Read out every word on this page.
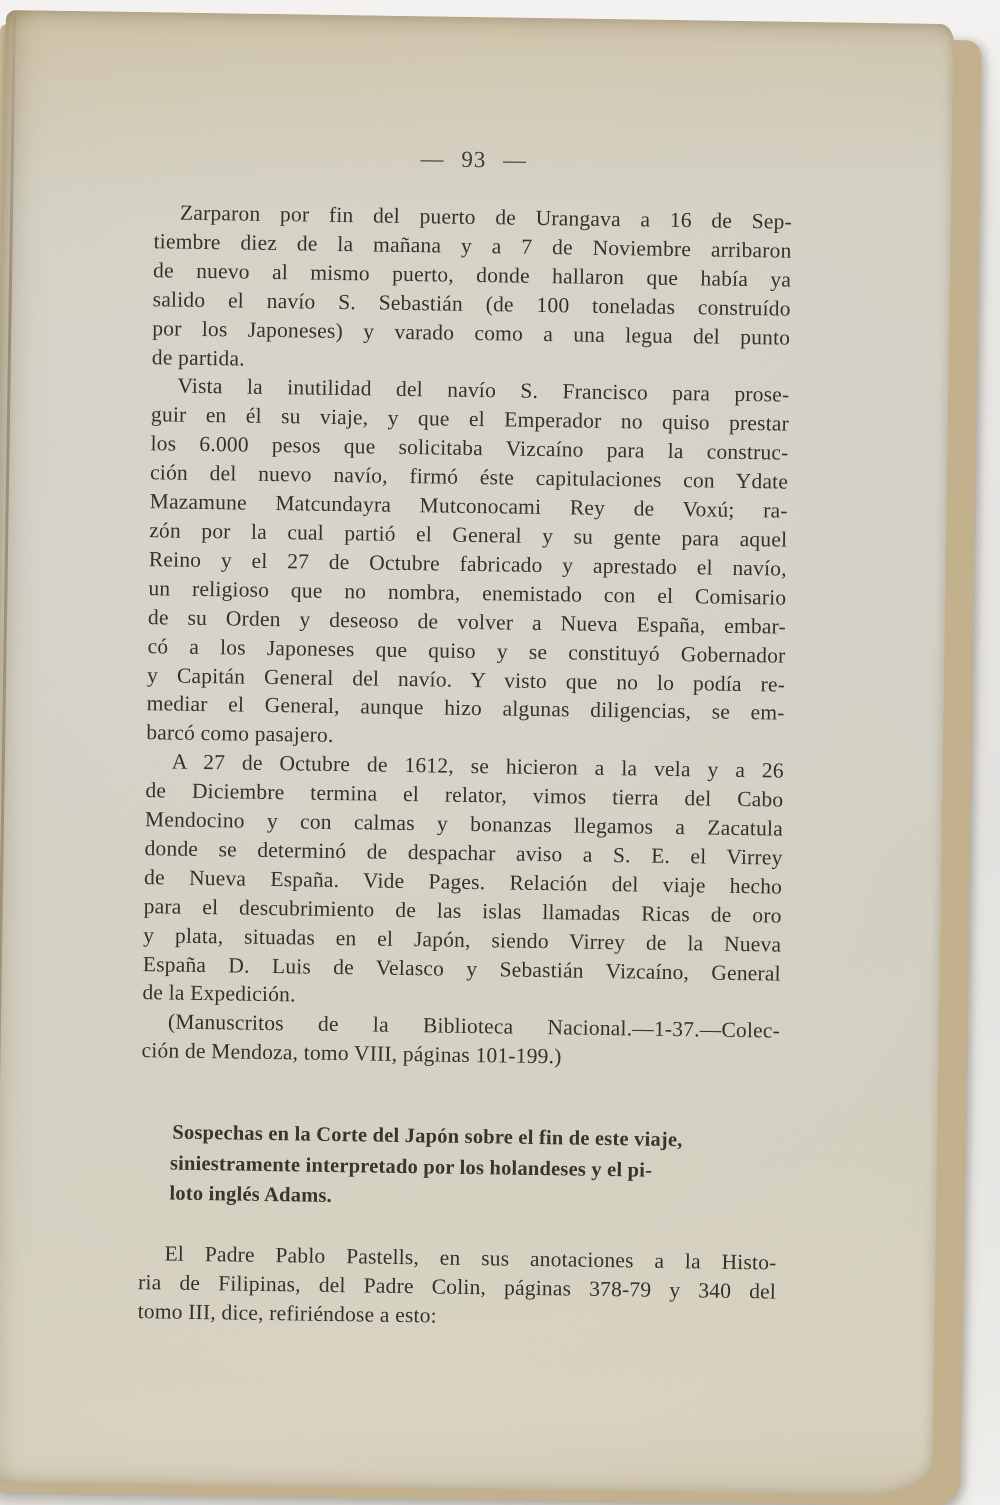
— 93 —
Zarparon por fin del puerto de Urangava a 16 de Sep-
tiembre diez de la mañana y a 7 de Noviembre arribaron
de nuevo al mismo puerto, donde hallaron que había ya
salido el navío S. Sebastián (de 100 toneladas construído
por los Japoneses) y varado como a una legua del punto
de partida.
Vista la inutilidad del navío S. Francisco para prose-
guir en él su viaje, y que el Emperador no quiso prestar
los 6.000 pesos que solicitaba Vizcaíno para la construc-
ción del nuevo navío, firmó éste capitulaciones con Ydate
Mazamune Matcundayra Mutconocami Rey de Voxú; ra-
zón por la cual partió el General y su gente para aquel
Reino y el 27 de Octubre fabricado y aprestado el navío,
un religioso que no nombra, enemistado con el Comisario
de su Orden y deseoso de volver a Nueva España, embar-
có a los Japoneses que quiso y se constituyó Gobernador
y Capitán General del navío. Y visto que no lo podía re-
mediar el General, aunque hizo algunas diligencias, se em-
barcó como pasajero.
A 27 de Octubre de 1612, se hicieron a la vela y a 26
de Diciembre termina el relator, vimos tierra del Cabo
Mendocino y con calmas y bonanzas llegamos a Zacatula
donde se determinó de despachar aviso a S. E. el Virrey
de Nueva España. Vide Pages. Relación del viaje hecho
para el descubrimiento de las islas llamadas Ricas de oro
y plata, situadas en el Japón, siendo Virrey de la Nueva
España D. Luis de Velasco y Sebastián Vizcaíno, General
de la Expedición.
(Manuscritos de la Biblioteca Nacional.—1-37.—Colec-
ción de Mendoza, tomo VIII, páginas 101-199.)
Sospechas en la Corte del Japón sobre el fin de este viaje,
siniestramente interpretado por los holandeses y el pi-
loto inglés Adams.
El Padre Pablo Pastells, en sus anotaciones a la Histo-
ria de Filipinas, del Padre Colin, páginas 378-79 y 340 del
tomo III, dice, refiriéndose a esto:
